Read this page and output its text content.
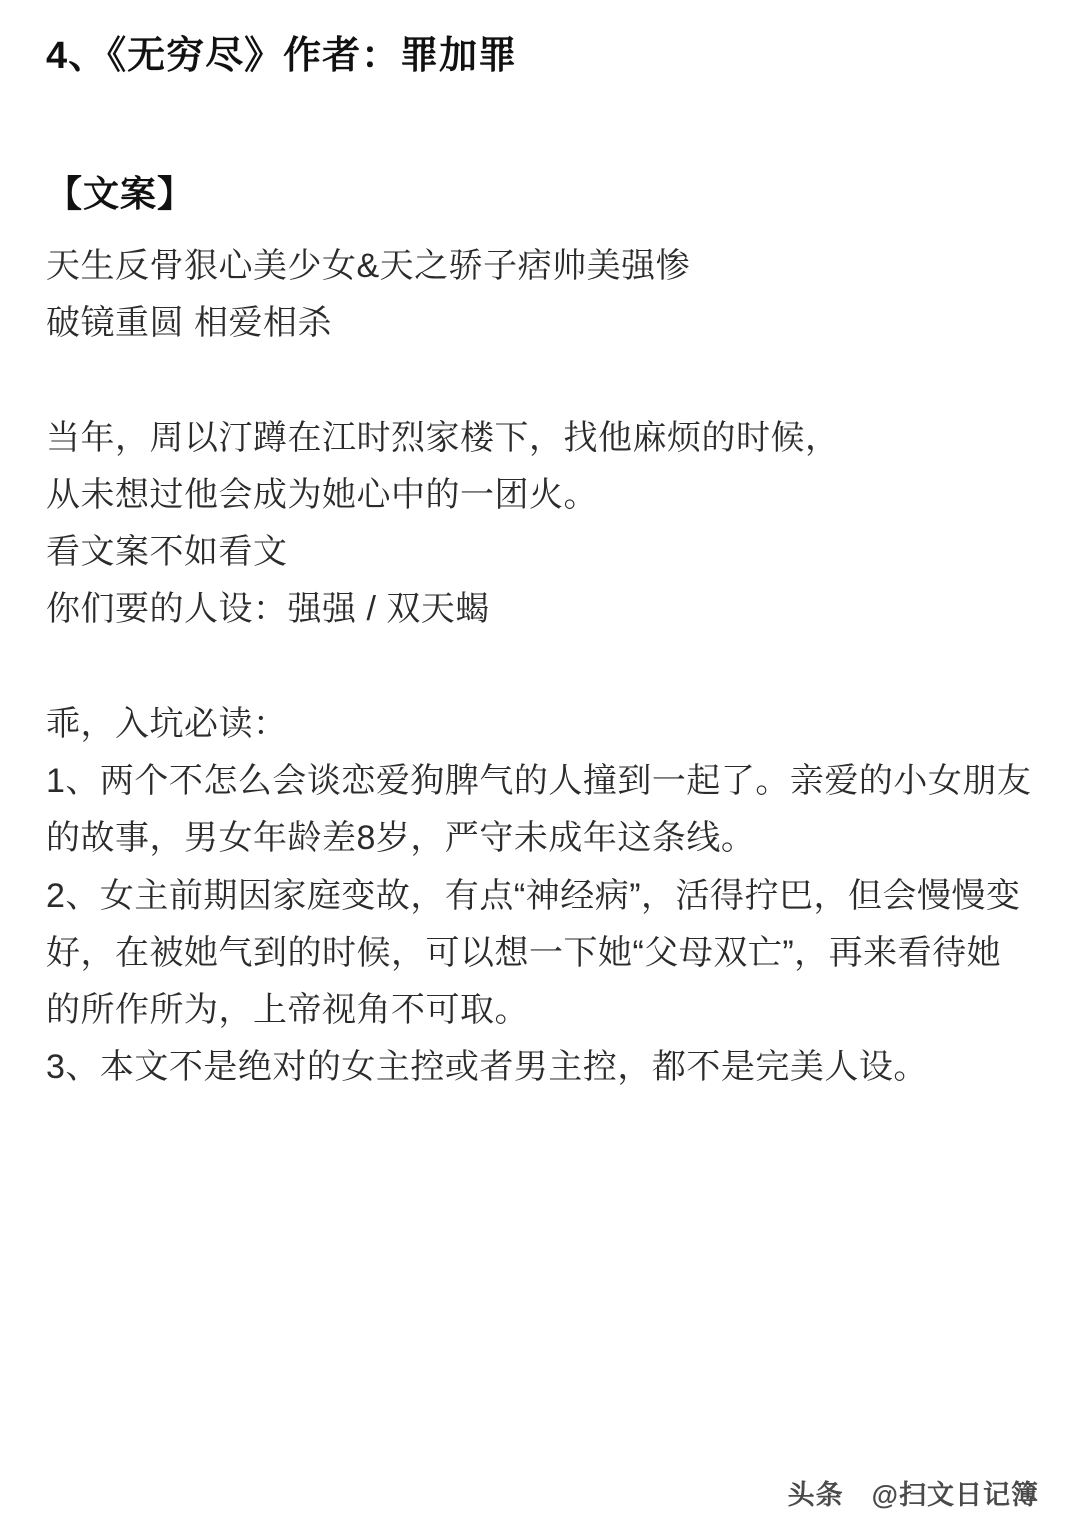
4、《无穷尽》作者：罪加罪
【文案】

天生反骨狠心美少女&天之骄子痞帅美强惨

破镜重圆 相爱相杀

当年，周以汀蹲在江时烈家楼下，找他麻烦的时候，

从未想过他会成为她心中的一团火。

看文案不如看文

你们要的人设：强强 / 双天蝎

乖，入坑必读：

1、两个不怎么会谈恋爱狗脾气的人撞到一起了。亲爱的小女朋友的故事，男女年龄差8岁，严守未成年这条线。

2、女主前期因家庭变故，有点“神经病”，活得拧巴，但会慢慢变好，在被她气到的时候，可以想一下她“父母双亡”，再来看待她的所作所为，上帝视角不可取。

3、本文不是绝对的女主控或者男主控，都不是完美人设。

头条 @扫文日记簿
